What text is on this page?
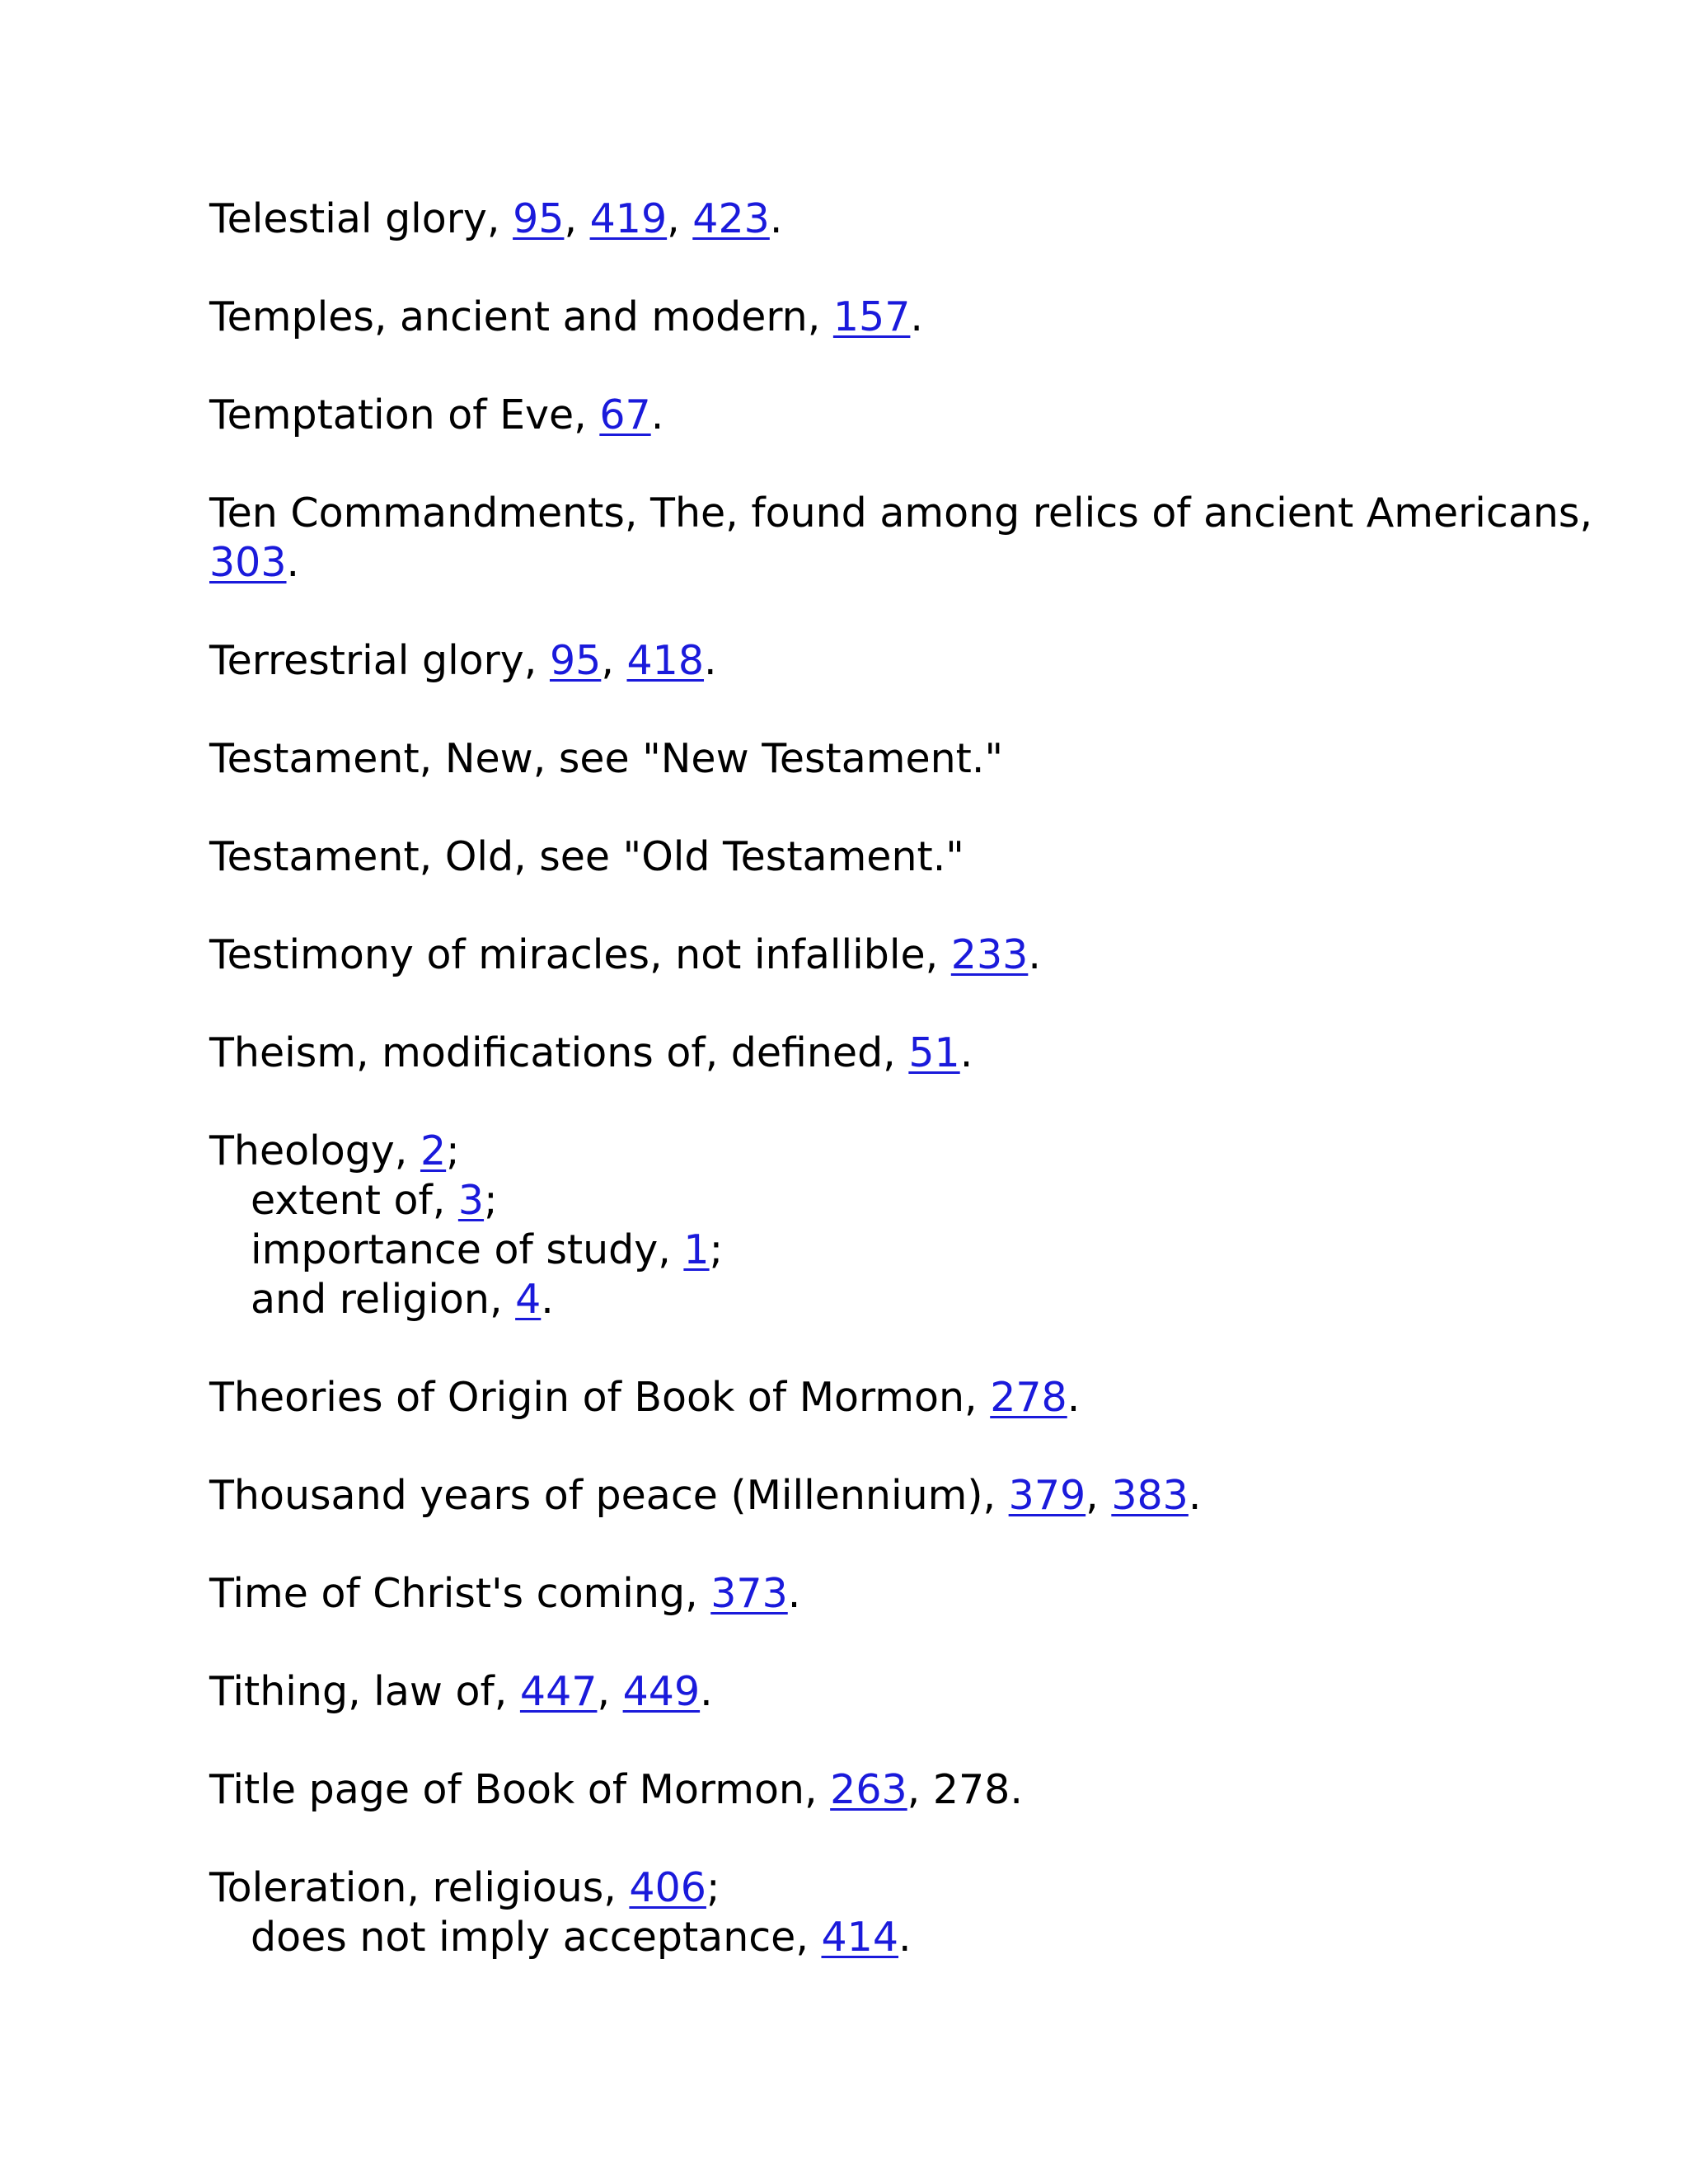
Telestial glory, 95, 419, 423.
Temples, ancient and modern, 157.
Temptation of Eve, 67.
Ten Commandments, The, found among relics of ancient Americans,
303.
Terrestrial glory, 95, 418.
Testament, New, see "New Testament."
Testament, Old, see "Old Testament."
Testimony of miracles, not infallible, 233.
Theism, modifications of, defined, 51.
Theology, 2;
extent of, 3;
importance of study, 1;
and religion, 4.
Theories of Origin of Book of Mormon, 278.
Thousand years of peace (Millennium), 379, 383.
Time of Christ's coming, 373.
Tithing, law of, 447, 449.
Title page of Book of Mormon, 263, 278.
Toleration, religious, 406;
does not imply acceptance, 414.
